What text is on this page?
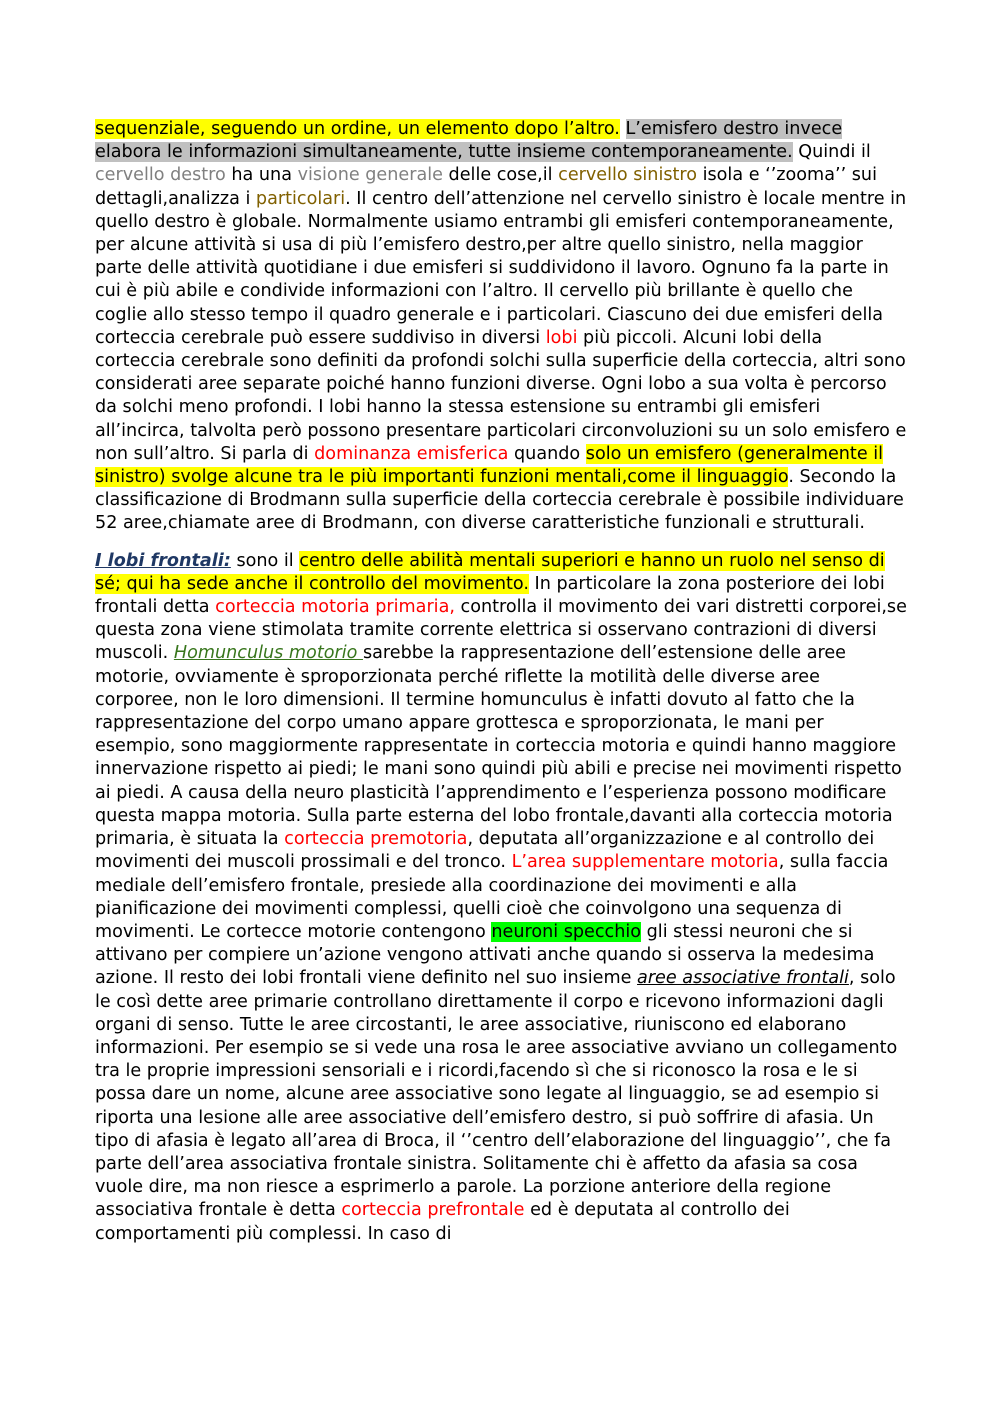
sequenziale, seguendo un ordine, un elemento dopo l’altro. L’emisfero destro invece elabora le informazioni simultaneamente, tutte insieme contemporaneamente. Quindi il cervello destro ha una visione generale delle cose,il cervello sinistro isola e ‘’zooma’’ sui dettagli,analizza i particolari. Il centro dell’attenzione nel cervello sinistro è locale mentre in quello destro è globale. Normalmente usiamo entrambi gli emisferi contemporaneamente, per alcune attività si usa di più l’emisfero destro,per altre quello sinistro, nella maggior parte delle attività quotidiane i due emisferi si suddividono il lavoro. Ognuno fa la parte in cui è più abile e condivide informazioni con l’altro. Il cervello più brillante è quello che coglie allo stesso tempo il quadro generale e i particolari. Ciascuno dei due emisferi della corteccia cerebrale può essere suddiviso in diversi lobi più piccoli. Alcuni lobi della corteccia cerebrale sono definiti da profondi solchi sulla superficie della corteccia, altri sono considerati aree separate poiché hanno funzioni diverse. Ogni lobo a sua volta è percorso da solchi meno profondi. I lobi hanno la stessa estensione su entrambi gli emisferi all’incirca, talvolta però possono presentare particolari circonvoluzioni su un solo emisfero e non sull’altro. Si parla di dominanza emisferica quando solo un emisfero (generalmente il sinistro) svolge alcune tra le più importanti funzioni mentali,come il linguaggio. Secondo la classificazione di Brodmann sulla superficie della corteccia cerebrale è possibile individuare 52 aree,chiamate aree di Brodmann, con diverse caratteristiche funzionali e strutturali.

I lobi frontali: sono il centro delle abilità mentali superiori e hanno un ruolo nel senso di sé; qui ha sede anche il controllo del movimento. In particolare la zona posteriore dei lobi frontali detta corteccia motoria primaria, controlla il movimento dei vari distretti corporei,se questa zona viene stimolata tramite corrente elettrica si osservano contrazioni di diversi muscoli. Homunculus motorio sarebbe la rappresentazione dell’estensione delle aree motorie, ovviamente è sproporzionata perché riflette la motilità delle diverse aree corporee, non le loro dimensioni. Il termine homunculus è infatti dovuto al fatto che la rappresentazione del corpo umano appare grottesca e sproporzionata, le mani per esempio, sono maggiormente rappresentate in corteccia motoria e quindi hanno maggiore innervazione rispetto ai piedi; le mani sono quindi più abili e precise nei movimenti rispetto ai piedi. A causa della neuro plasticità l’apprendimento e l’esperienza possono modificare questa mappa motoria. Sulla parte esterna del lobo frontale,davanti alla corteccia motoria primaria, è situata la corteccia premotoria, deputata all’organizzazione e al controllo dei movimenti dei muscoli prossimali e del tronco. L’area supplementare motoria, sulla faccia mediale dell’emisfero frontale, presiede alla coordinazione dei movimenti e alla pianificazione dei movimenti complessi, quelli cioè che coinvolgono una sequenza di movimenti. Le cortecce motorie contengono neuroni specchio gli stessi neuroni che si attivano per compiere un’azione vengono attivati anche quando si osserva la medesima azione. Il resto dei lobi frontali viene definito nel suo insieme aree associative frontali, solo le così dette aree primarie controllano direttamente il corpo e ricevono informazioni dagli organi di senso. Tutte le aree circostanti, le aree associative, riuniscono ed elaborano informazioni. Per esempio se si vede una rosa le aree associative avviano un collegamento tra le proprie impressioni sensoriali e i ricordi,facendo sì che si riconosco la rosa e le si possa dare un nome, alcune aree associative sono legate al linguaggio, se ad esempio si riporta una lesione alle aree associative dell’emisfero destro, si può soffrire di afasia. Un tipo di afasia è legato all’area di Broca, il ‘’centro dell’elaborazione del linguaggio’’, che fa parte dell’area associativa frontale sinistra. Solitamente chi è affetto da afasia sa cosa vuole dire, ma non riesce a esprimerlo a parole. La porzione anteriore della regione associativa frontale è detta corteccia prefrontale ed è deputata al controllo dei comportamenti più complessi. In caso di
